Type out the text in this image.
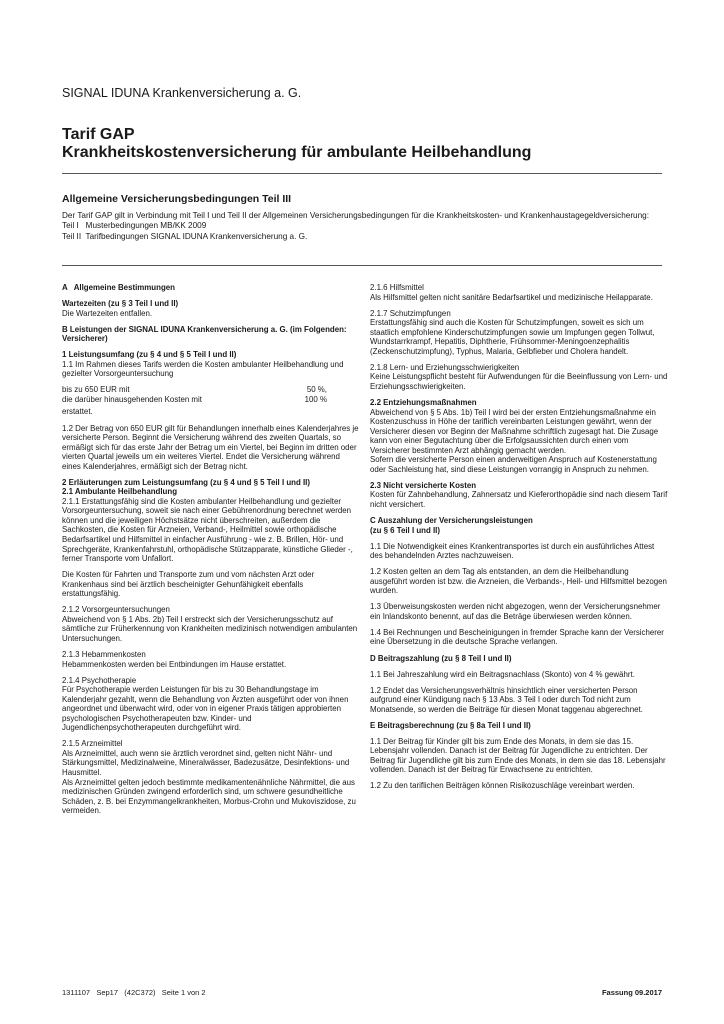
SIGNAL IDUNA Krankenversicherung a. G.
Tarif GAP
Krankheitskostenversicherung für ambulante Heilbehandlung
Allgemeine Versicherungsbedingungen Teil III

Der Tarif GAP gilt in Verbindung mit Teil I und Teil II der Allgemeinen Versicherungsbedingungen für die Krankheitskosten- und Krankenhaustagegeldversicherung:

Teil I   Musterbedingungen MB/KK 2009

Teil II  Tarifbedingungen SIGNAL IDUNA Krankenversicherung a. G.

A   Allgemeine Bestimmungen

Wartezeiten (zu § 3 Teil I und II)

Die Wartezeiten entfallen.

B Leistungen der SIGNAL IDUNA Krankenversicherung a. G. (im Folgenden: Versicherer)

1 Leistungsumfang (zu § 4 und § 5 Teil I und II)

1.1 Im Rahmen dieses Tarifs werden die Kosten ambulanter Heilbehandlung und gezielter Vorsorgeuntersuchung

bis zu 650 EUR mit	50 %,
die darüber hinausgehenden Kosten mit	100 %

erstattet.

1.2 Der Betrag von 650 EUR gilt für Behandlungen innerhalb eines Kalenderjahres je versicherte Person. Beginnt die Versicherung während des zweiten Quartals, so ermäßigt sich für das erste Jahr der Betrag um ein Viertel, bei Beginn im dritten oder vierten Quartal jeweils um ein weiteres Viertel. Endet die Versicherung während eines Kalenderjahres, ermäßigt sich der Betrag nicht.

2 Erläuterungen zum Leistungsumfang (zu § 4 und § 5 Teil I und II)

2.1 Ambulante Heilbehandlung

2.1.1 Erstattungsfähig sind die Kosten ambulanter Heilbehandlung und gezielter Vorsorgeuntersuchung, soweit sie nach einer Gebührenordnung berechnet werden können und die jeweiligen Höchstsätze nicht überschreiten, außerdem die Sachkosten, die Kosten für Arzneien, Verband-, Heilmittel sowie orthopädische Bedarfsartikel und Hilfsmittel in einfacher Ausführung - wie z. B. Brillen, Hör- und Sprechgeräte, Krankenfahrstuhl, orthopädische Stützapparate, künstliche Glieder -, ferner Transporte vom Unfallort.

Die Kosten für Fahrten und Transporte zum und vom nächsten Arzt oder Krankenhaus sind bei ärztlich bescheinigter Gehunfähigkeit ebenfalls erstattungsfähig.

2.1.2 Vorsorgeuntersuchungen

Abweichend von § 1 Abs. 2b) Teil I erstreckt sich der Versicherungsschutz auf sämtliche zur Früherkennung von Krankheiten medizinisch notwendigen ambulanten Untersuchungen.

2.1.3 Hebammenkosten

Hebammenkosten werden bei Entbindungen im Hause erstattet.

2.1.4 Psychotherapie

Für Psychotherapie werden Leistungen für bis zu 30 Behandlungstage im Kalenderjahr gezahlt, wenn die Behandlung von Ärzten ausgeführt oder von ihnen angeordnet und überwacht wird, oder von in eigener Praxis tätigen approbierten psychologischen Psychotherapeuten bzw. Kinder- und Jugendlichenpsychotherapeuten durchgeführt wird.

2.1.5 Arzneimittel

Als Arzneimittel, auch wenn sie ärztlich verordnet sind, gelten nicht Nähr- und Stärkungsmittel, Medizinalweine, Mineralwässer, Badezusätze, Desinfektions- und Hausmittel.

Als Arzneimittel gelten jedoch bestimmte medikamentenähnliche Nährmittel, die aus medizinischen Gründen zwingend erforderlich sind, um schwere gesundheitliche Schäden, z. B. bei Enzymmangelkrankheiten, Morbus-Crohn und Mukoviszidose, zu vermeiden.

2.1.6 Hilfsmittel

Als Hilfsmittel gelten nicht sanitäre Bedarfsartikel und medizinische Heilapparate.

2.1.7 Schutzimpfungen

Erstattungsfähig sind auch die Kosten für Schutzimpfungen, soweit es sich um staatlich empfohlene Kinderschutzimpfungen sowie um Impfungen gegen Tollwut, Wundstarrkrampf, Hepatitis, Diphtherie, Frühsommer-Meningoenzephalitis (Zeckenschutzimpfung), Typhus, Malaria, Gelbfieber und Cholera handelt.

2.1.8 Lern- und Erziehungsschwierigkeiten

Keine Leistungspflicht besteht für Aufwendungen für die Beeinflussung von Lern- und Erziehungsschwierigkeiten.

2.2 Entziehungsmaßnahmen

Abweichend von § 5 Abs. 1b) Teil I wird bei der ersten Entziehungsmaßnahme ein Kostenzuschuss in Höhe der tariflich vereinbarten Leistungen gewährt, wenn der Versicherer diesen vor Beginn der Maßnahme schriftlich zugesagt hat. Die Zusage kann von einer Begutachtung über die Erfolgsaussichten durch einen vom Versicherer bestimmten Arzt abhängig gemacht werden.

Sofern die versicherte Person einen anderweitigen Anspruch auf Kostenerstattung oder Sachleistung hat, sind diese Leistungen vorrangig in Anspruch zu nehmen.

2.3 Nicht versicherte Kosten

Kosten für Zahnbehandlung, Zahnersatz und Kieferorthopädie sind nach diesem Tarif nicht versichert.

C Auszahlung der Versicherungsleistungen

(zu § 6 Teil I und II)

1.1 Die Notwendigkeit eines Krankentransportes ist durch ein ausführliches Attest des behandelnden Arztes nachzuweisen.

1.2 Kosten gelten an dem Tag als entstanden, an dem die Heilbehandlung ausgeführt worden ist bzw. die Arzneien, die Verbands-, Heil- und Hilfsmittel bezogen wurden.

1.3 Überweisungskosten werden nicht abgezogen, wenn der Versicherungsnehmer ein Inlandskonto benennt, auf das die Beträge überwiesen werden können.

1.4 Bei Rechnungen und Bescheinigungen in fremder Sprache kann der Versicherer eine Übersetzung in die deutsche Sprache verlangen.

D Beitragszahlung (zu § 8 Teil I und II)

1.1 Bei Jahreszahlung wird ein Beitragsnachlass (Skonto) von 4 % gewährt.

1.2 Endet das Versicherungsverhältnis hinsichtlich einer versicherten Person aufgrund einer Kündigung nach § 13 Abs. 3 Teil I oder durch Tod nicht zum Monatsende, so werden die Beiträge für diesen Monat taggenau abgerechnet.

E Beitragsberechnung (zu § 8a Teil I und II)

1.1 Der Beitrag für Kinder gilt bis zum Ende des Monats, in dem sie das 15. Lebensjahr vollenden. Danach ist der Beitrag für Jugendliche zu entrichten. Der Beitrag für Jugendliche gilt bis zum Ende des Monats, in dem sie das 18. Lebensjahr vollenden. Danach ist der Beitrag für Erwachsene zu entrichten.

1.2 Zu den tariflichen Beiträgen können Risikozuschläge vereinbart werden.

1311107   Sep17   (42C372)   Seite 1 von 2	Fassung 09.2017
